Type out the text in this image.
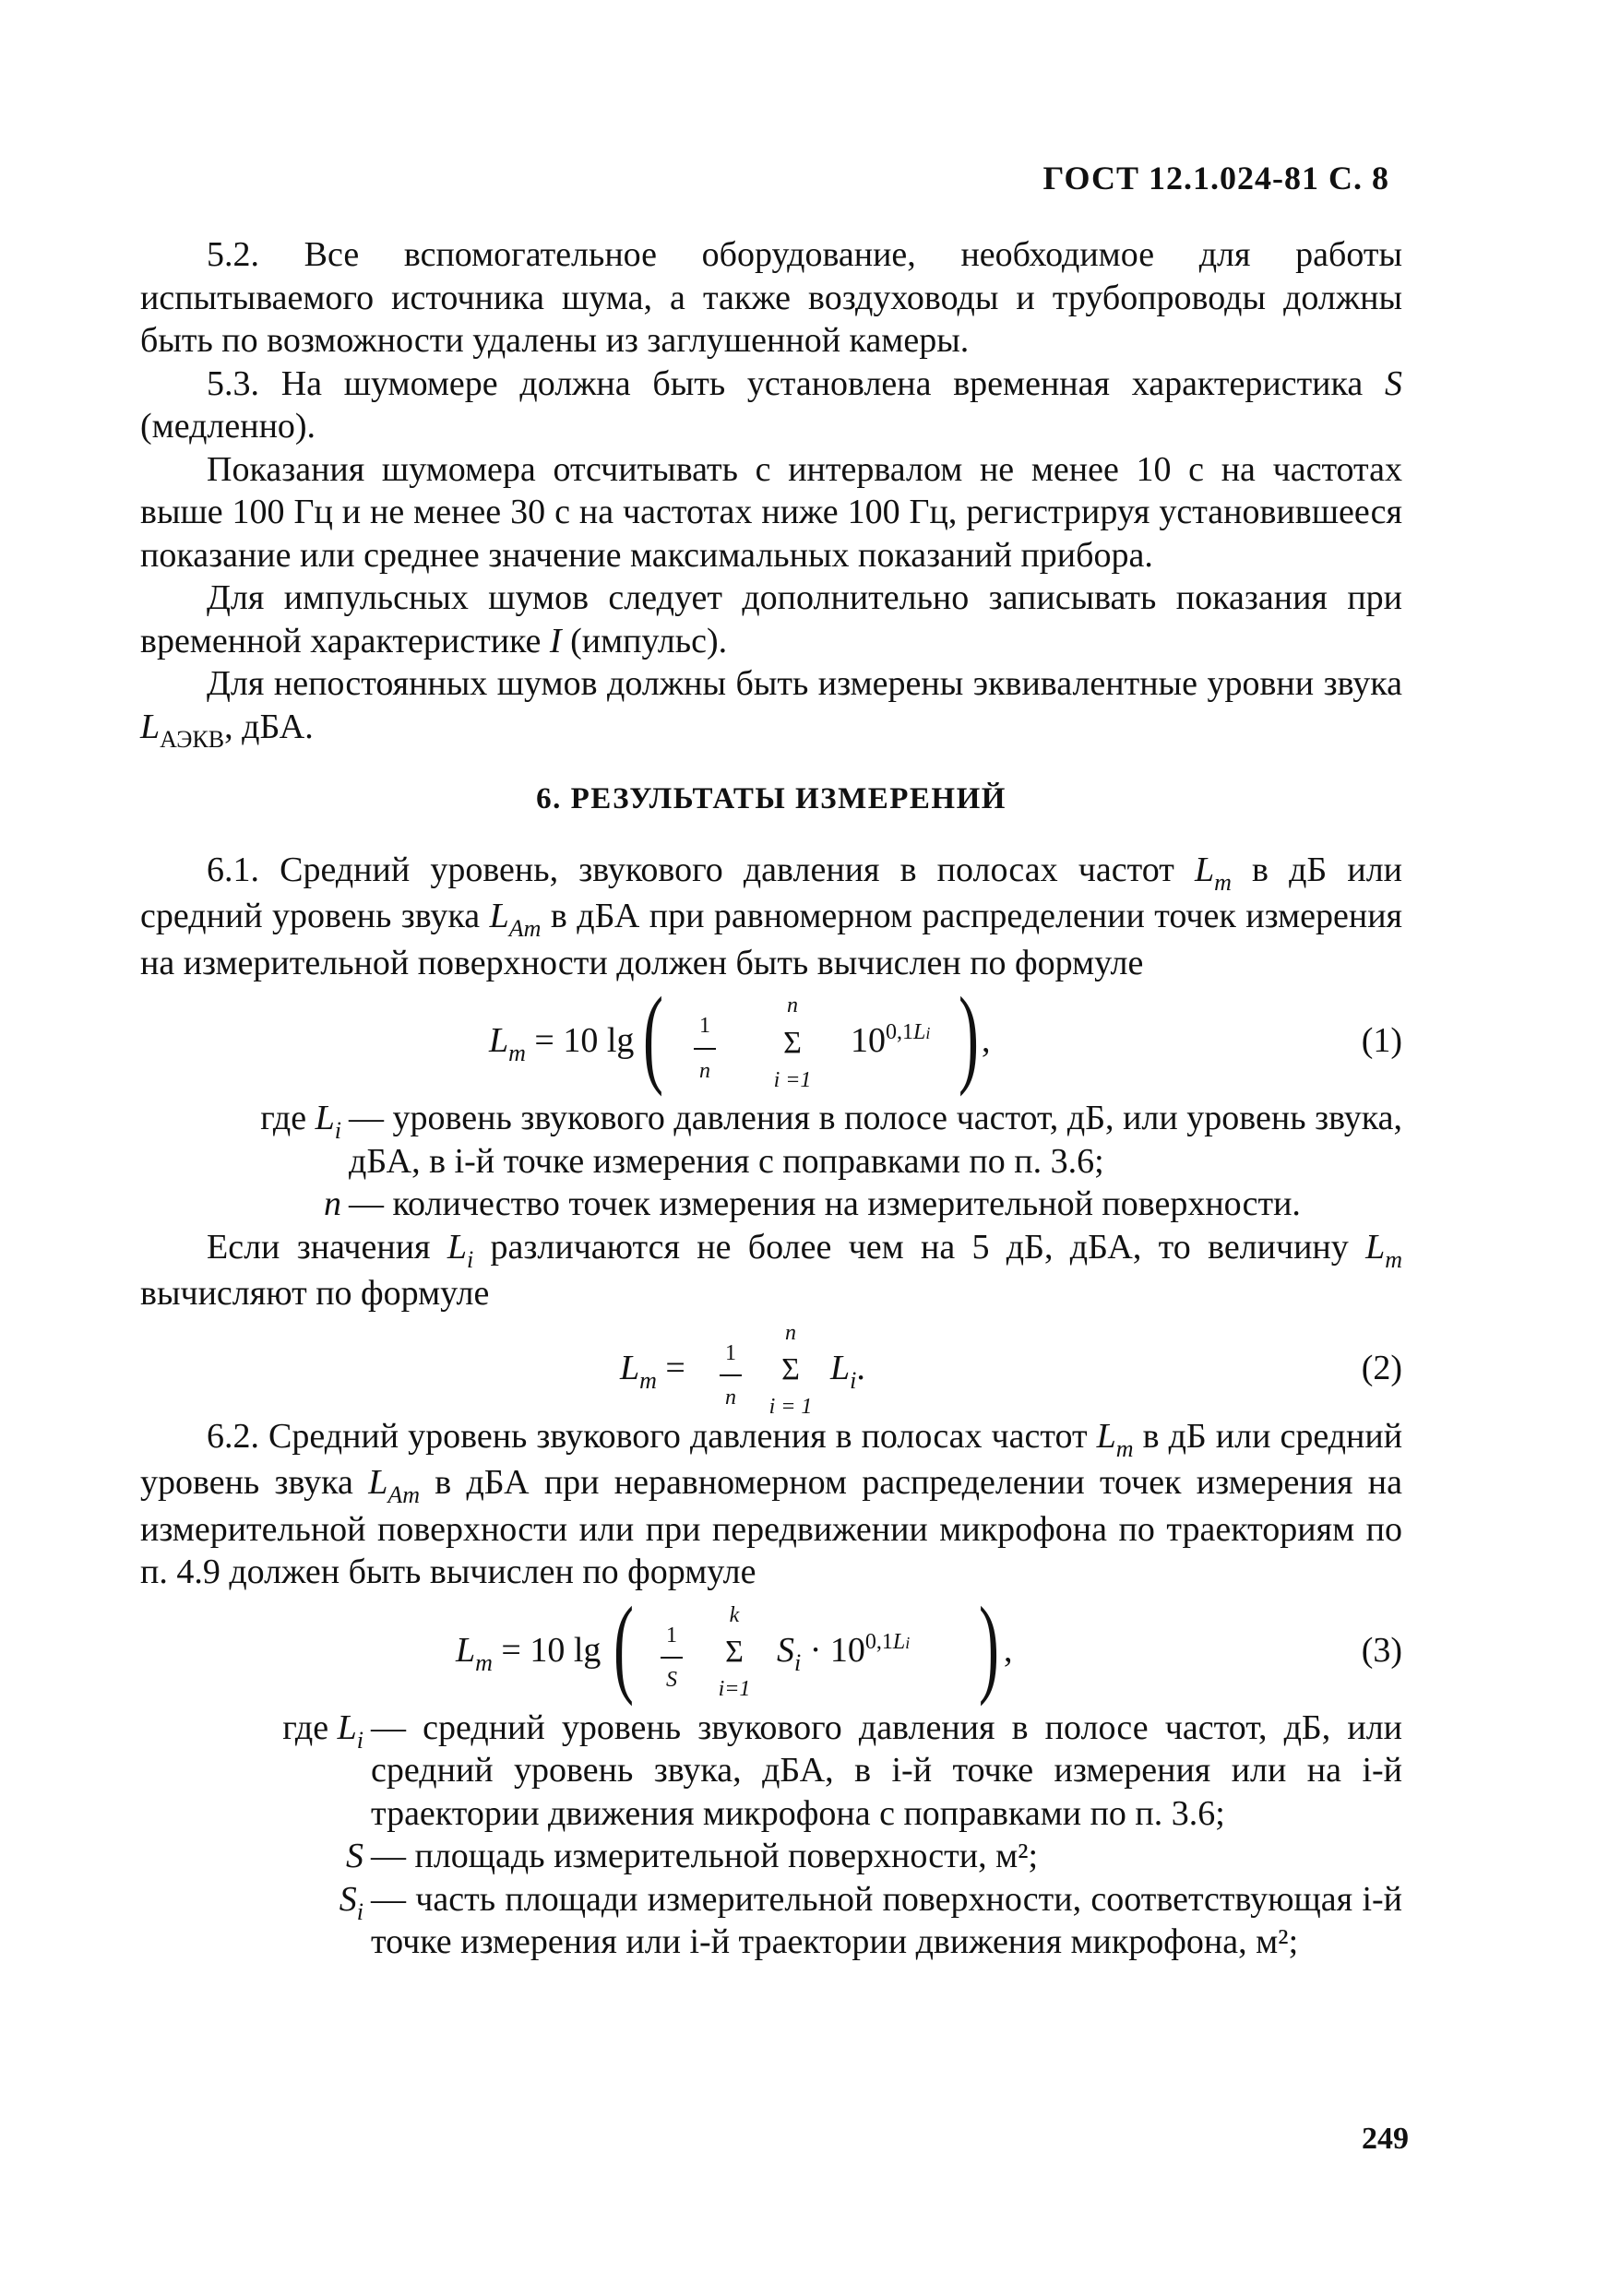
ГОСТ 12.1.024-81 С. 8

5.2. Все вспомогательное оборудование, необходимое для работы испытываемого источника шума, а также воздуховоды и трубопроводы должны быть по возможности удалены из заглушенной камеры.

5.3. На шумомере должна быть установлена временная характеристика S (медленно).

Показания шумомера отсчитывать с интервалом не менее 10 с на частотах выше 100 Гц и не менее 30 с на частотах ниже 100 Гц, регистрируя установившееся показание или среднее значение максимальных показаний прибора.

Для импульсных шумов следует дополнительно записывать показания при временной характеристике I (импульс).

Для непостоянных шумов должны быть измерены эквивалентные уровни звука $L_{АЭКВ}$, дБА.

6. РЕЗУЛЬТАТЫ ИЗМЕРЕНИЙ

6.1. Средний уровень, звукового давления в полосах частот $L_m$ в дБ или средний уровень звука $L_{Am}$ в дБА при равномерном распределении точек измерения на измерительной поверхности должен быть вычислен по формуле

$L_m = 10$ lg ( $\frac{1}{n}$	n
Σ
i =1
$10^{0,1Li}$ ) ,	(1)
где $L_i$ — уровень звукового давления в полосе частот, дБ, или уровень звука, дБА, в i-й точке измерения с поправками по п. 3.6;
n — количество точек измерения на измерительной поверхности.

Если значения $L_i$ различаются не более чем на 5 дБ, дБА, то величину $L_m$ вычисляют по формуле

$L_m = \frac{1}{n}$	n
Σ
i = 1
$L_i$.	(2)

6.2. Средний уровень звукового давления в полосах частот $L_m$ в дБ или средний уровень звука $L_{Am}$ в дБА при неравномерном распределении точек измерения на измерительной поверхности или при передвижении микрофона по траекториям по п. 4.9 должен быть вычислен по формуле

$L_m = 10$ lg ( $\frac{1}{S}$	k
Σ
i=1
$S_i \cdot 10^{0,1Li}$ ) ,	(3)
где $L_i$ — средний уровень звукового давления в полосе частот, дБ, или средний уровень звука, дБА, в i-й точке измерения или на i-й траектории движения микрофона с поправками по п. 3.6;
S — площадь измерительной поверхности, м²;
$S_i$ — часть площади измерительной поверхности, соответствующая i-й точке измерения или i-й траектории движения микрофона, м²;
249
